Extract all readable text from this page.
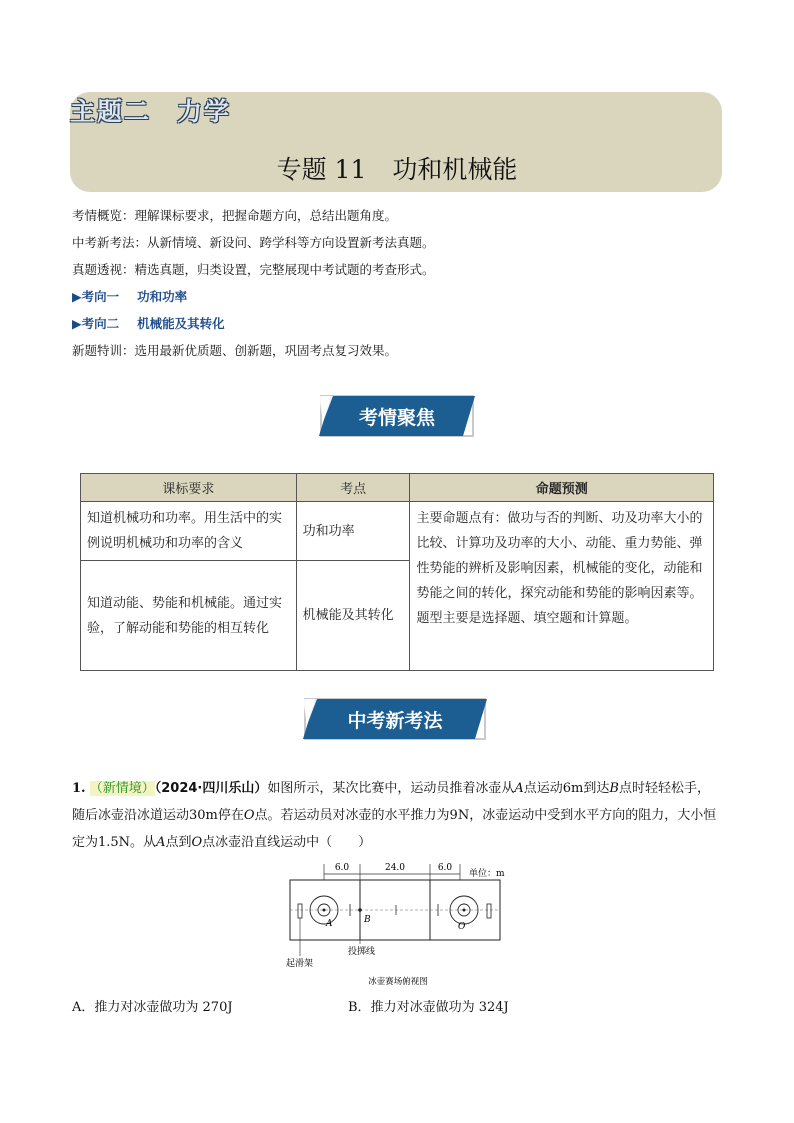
主题二 力学
专题 11 功和机械能

考情概览：理解课标要求，把握命题方向，总结出题角度。

中考新考法：从新情境、新设问、跨学科等方向设置新考法真题。

真题透视：精选真题，归类设置，完整展现中考试题的考查形式。

▶考向一 功和功率

▶考向二 机械能及其转化

新题特训：选用最新优质题、创新题，巩固考点复习效果。

考情聚焦
课标要求	考点	命题预测
知道机械功和功率。用生活中的实例说明机械功和功率的含义	功和功率	主要命题点有：做功与否的判断、功及功率大小的比较、计算功及功率的大小、动能、重力势能、弹性势能的辨析及影响因素，机械能的变化，动能和势能之间的转化，探究动能和势能的影响因素等。
题型主要是选择题、填空题和计算题。

知道动能、势能和机械能。通过实验，了解动能和势能的相互转化	机械能及其转化	
中考新考法
1. （新情境）（2024·四川乐山）如图所示，某次比赛中，运动员推着冰壶从A点运动6m到达B点时轻轻松手，随后冰壶沿冰道运动30m停在O点。若运动员对冰壶的水平推力为9N，冰壶运动中受到水平方向的阻力，大小恒定为1.5N。从A点到O点冰壶沿直线运动中（　　）
6.0	24.0	6.0
单位：m
B
A	O
投掷线
起滑架
冰壶赛场俯视图
A．推力对冰壶做功为 270J	B．推力对冰壶做功为 324J
